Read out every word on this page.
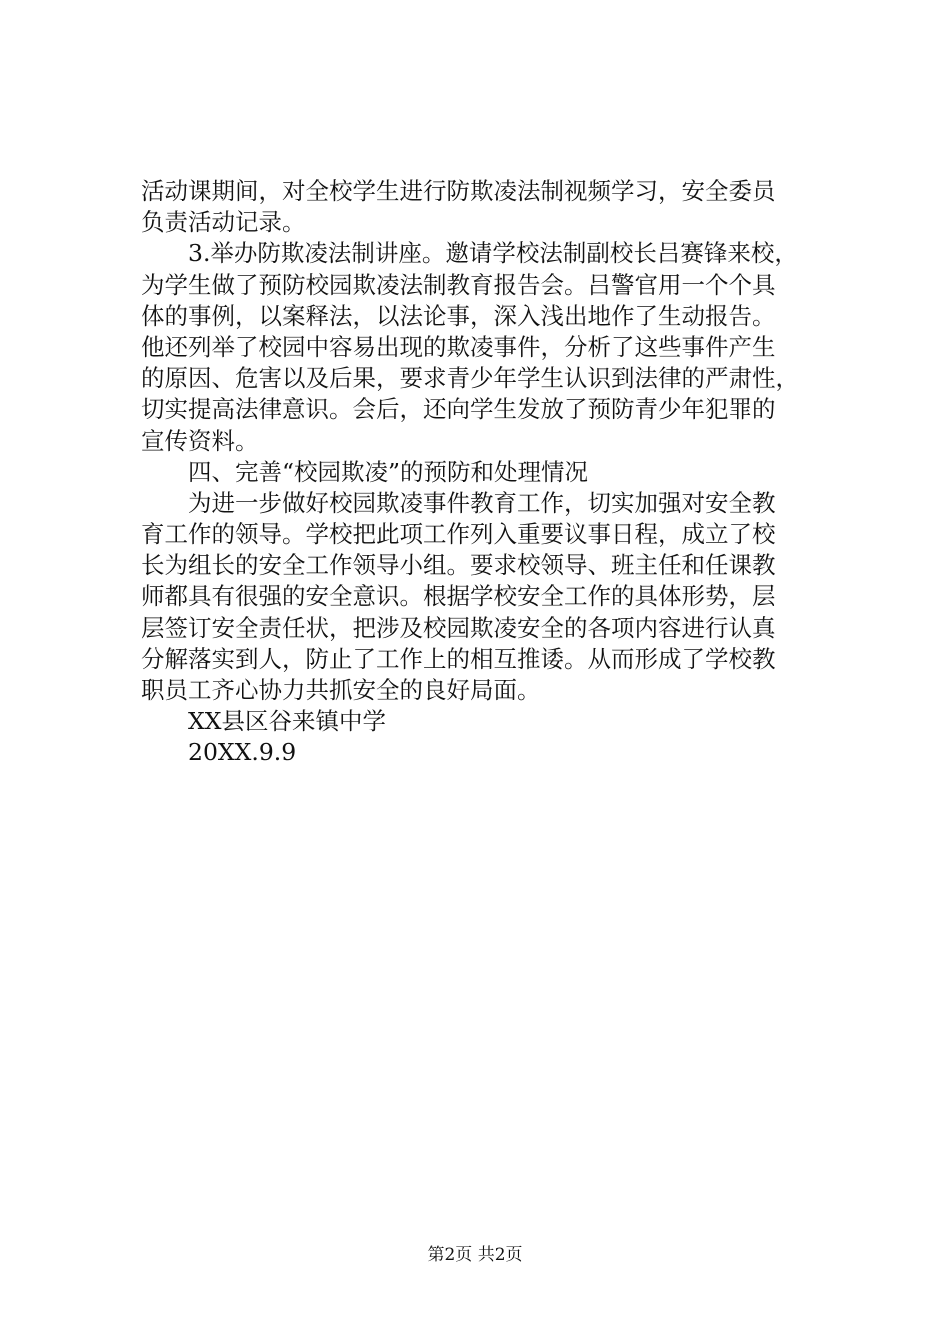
活动课期间，对全校学生进行防欺凌法制视频学习，安全委员
负责活动记录。
　　3.举办防欺凌法制讲座。邀请学校法制副校长吕赛锋来校，
为学生做了预防校园欺凌法制教育报告会。吕警官用一个个具
体的事例，以案释法，以法论事，深入浅出地作了生动报告。
他还列举了校园中容易出现的欺凌事件，分析了这些事件产生
的原因、危害以及后果，要求青少年学生认识到法律的严肃性，
切实提高法律意识。会后，还向学生发放了预防青少年犯罪的
宣传资料。
　　四、完善“校园欺凌”的预防和处理情况
　　为进一步做好校园欺凌事件教育工作，切实加强对安全教
育工作的领导。学校把此项工作列入重要议事日程，成立了校
长为组长的安全工作领导小组。要求校领导、班主任和任课教
师都具有很强的安全意识。根据学校安全工作的具体形势，层
层签订安全责任状，把涉及校园欺凌安全的各项内容进行认真
分解落实到人，防止了工作上的相互推诿。从而形成了学校教
职员工齐心协力共抓安全的良好局面。
　　XX县区谷来镇中学
　　20XX.9.9
第2页 共2页
